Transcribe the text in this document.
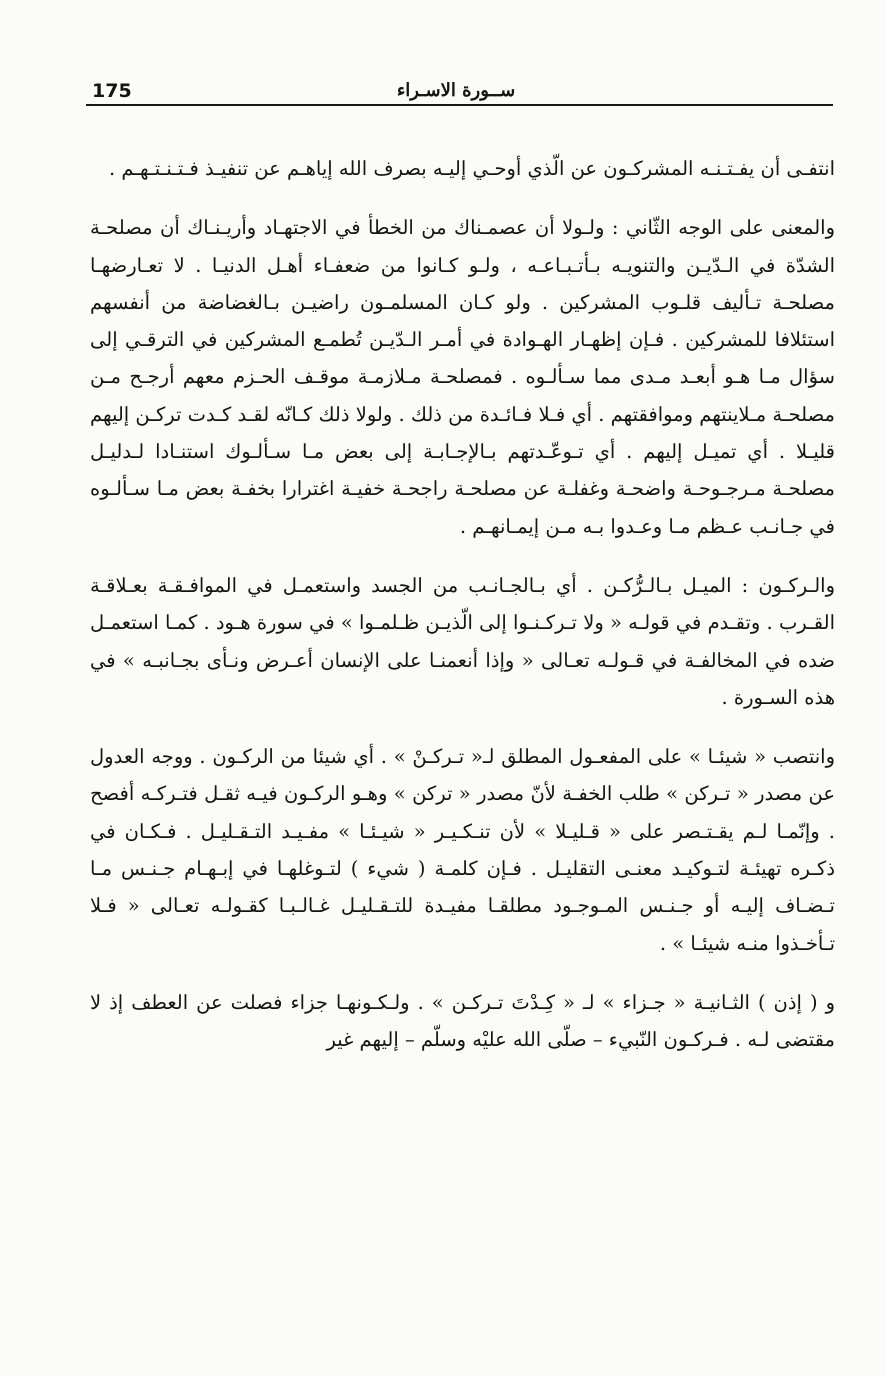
175	ســورة الاسـراء

انتفـى أن يفـتـنـه المشركـون عن الّذي أوحـي إليـه بصرف الله إياهـم عن تنفيـذ فـتـنـتـهـم .

والمعنى على الوجه الثّاني : ولـولا أن عصمـناك من الخطأ في الاجتهـاد وأريـنـاك أن مصلحـة الشدّة في الـدّيـن والتنويـه بـأتـبـاعـه ، ولـو كـانوا من ضعفـاء أهـل الدنيـا . لا تعـارضهـا مصلحـة تـأليف قلـوب المشركين . ولو كـان المسلمـون راضيـن بـالغضاضة من أنفسهم استئلافا للمشركين . فـإن إظهـار الهـوادة في أمـر الـدّيـن تُطمـع المشركين في الترقـي إلى سؤال مـا هـو أبعـد مـدى مما سـألـوه . فمصلحـة مـلازمـة موقـف الحـزم معهم أرجـح مـن مصلحـة مـلاينتهم وموافقتهم . أي فـلا فـائـدة من ذلك . ولولا ذلك كـانّه لقـد كـدت تركـن إليهم قليـلا . أي تميـل إليهم . أي تـوعّـدتهم بـالإجـابـة إلى بعض مـا سـألـوك استنـادا لـدليـل مصلحـة مـرجـوحـة واضحـة وغفلـة عن مصلحـة راجحـة خفيـة اغترارا بخفـة بعض مـا سـألـوه في جـانـب عـظم مـا وعـدوا بـه مـن إيمـانهـم .

والـركـون : الميـل بـالـرُّكـن . أي بـالجـانـب من الجسد واستعمـل في الموافـقـة بعـلاقـة القـرب . وتقـدم في قولـه « ولا تـركـنـوا إلى الّذيـن ظـلمـوا » في سورة هـود . كمـا استعمـل ضده في المخالفـة في قـولـه تعـالى « وإذا أنعمنـا على الإنسان أعـرض ونـأى بجـانبـه » في هذه السـورة .

وانتصب « شيئـا » على المفعـول المطلق لـ« تـركـنْ » . أي شيئا من الركـون . ووجه العدول عن مصدر « تـركن » طلب الخفـة لأنّ مصدر « تركن » وهـو الركـون فيـه ثقـل فتـركـه أفصح . وإنّمـا لـم يقـتـصر على « قـليـلا » لأن تنـكـيـر « شيـئـا » مفـيـد التـقـليـل . فـكـان في ذكـره تهيئـة لتـوكيـد معنـى التقليـل . فـإن كلمـة ( شيء ) لتـوغلهـا في إبـهـام جـنـس مـا تـضـاف إليـه أو جـنـس المـوجـود مطلقـا مفيـدة للتـقـليـل غـالـبـا كقـولـه تعـالى « فـلا تـأخـذوا منـه شيئـا » .

و ( إذن ) الثـانيـة « جـزاء » لـ « كِـدْتَ تـركـن » . ولـكـونهـا جزاء فصلت عن العطف إذ لا مقتضى لـه . فـركـون النّبيء – صلّى الله عليْه وسلّم – إليهم غير
